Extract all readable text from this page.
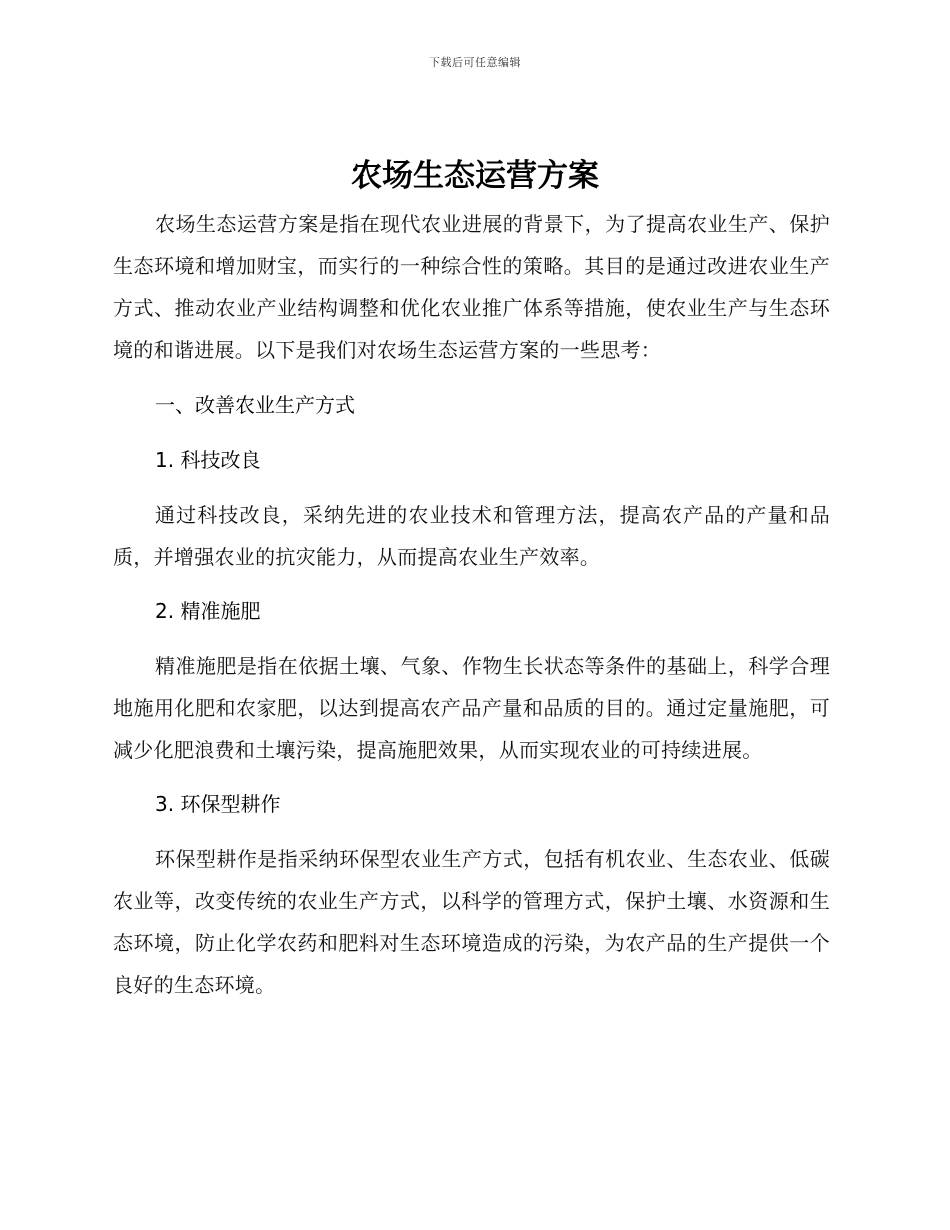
下载后可任意编辑
农场生态运营方案

农场生态运营方案是指在现代农业进展的背景下，为了提高农业生产、保护生态环境和增加财宝，而实行的一种综合性的策略。其目的是通过改进农业生产方式、推动农业产业结构调整和优化农业推广体系等措施，使农业生产与生态环境的和谐进展。以下是我们对农场生态运营方案的一些思考：

一、改善农业生产方式

1. 科技改良

通过科技改良，采纳先进的农业技术和管理方法，提高农产品的产量和品质，并增强农业的抗灾能力，从而提高农业生产效率。

2. 精准施肥

精准施肥是指在依据土壤、气象、作物生长状态等条件的基础上，科学合理地施用化肥和农家肥，以达到提高农产品产量和品质的目的。通过定量施肥，可减少化肥浪费和土壤污染，提高施肥效果，从而实现农业的可持续进展。

3. 环保型耕作

环保型耕作是指采纳环保型农业生产方式，包括有机农业、生态农业、低碳农业等，改变传统的农业生产方式，以科学的管理方式，保护土壤、水资源和生态环境，防止化学农药和肥料对生态环境造成的污染，为农产品的生产提供一个良好的生态环境。
